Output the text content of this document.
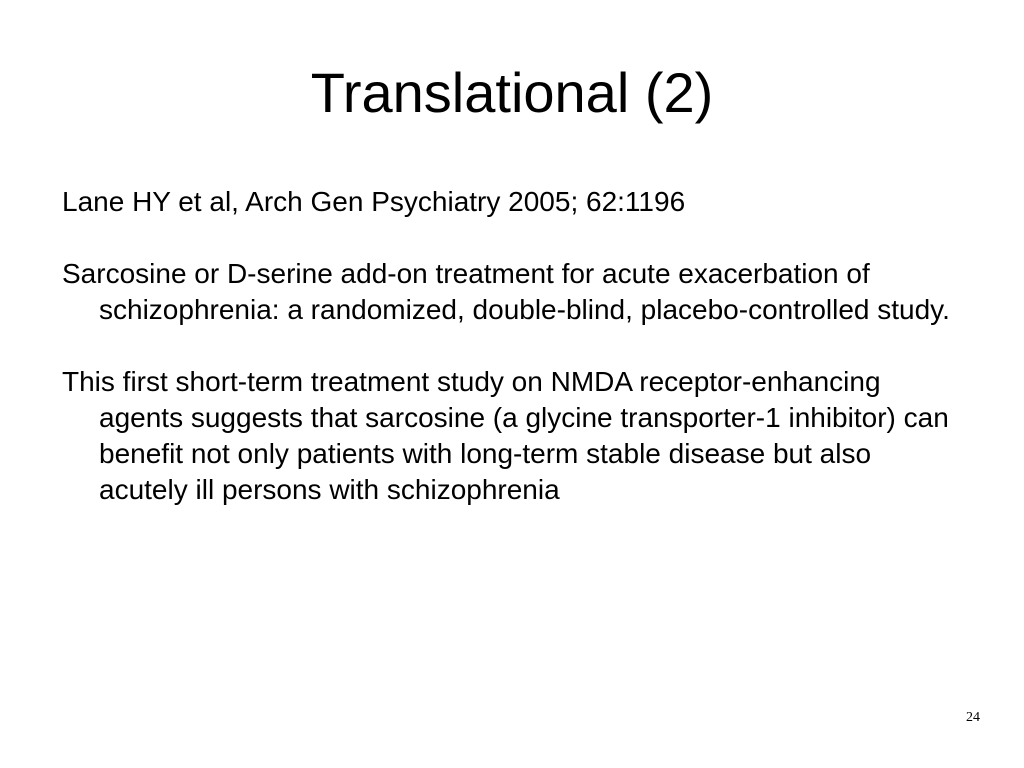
Translational (2)

Lane HY et al, Arch Gen Psychiatry 2005; 62:1196

Sarcosine or D-serine add-on treatment for acute exacerbation of schizophrenia: a randomized, double-blind, placebo-controlled study.

This first short-term treatment study on NMDA receptor-enhancing agents suggests that sarcosine (a glycine transporter-1 inhibitor) can benefit not only patients with long-term stable disease but also acutely ill persons with schizophrenia

24
